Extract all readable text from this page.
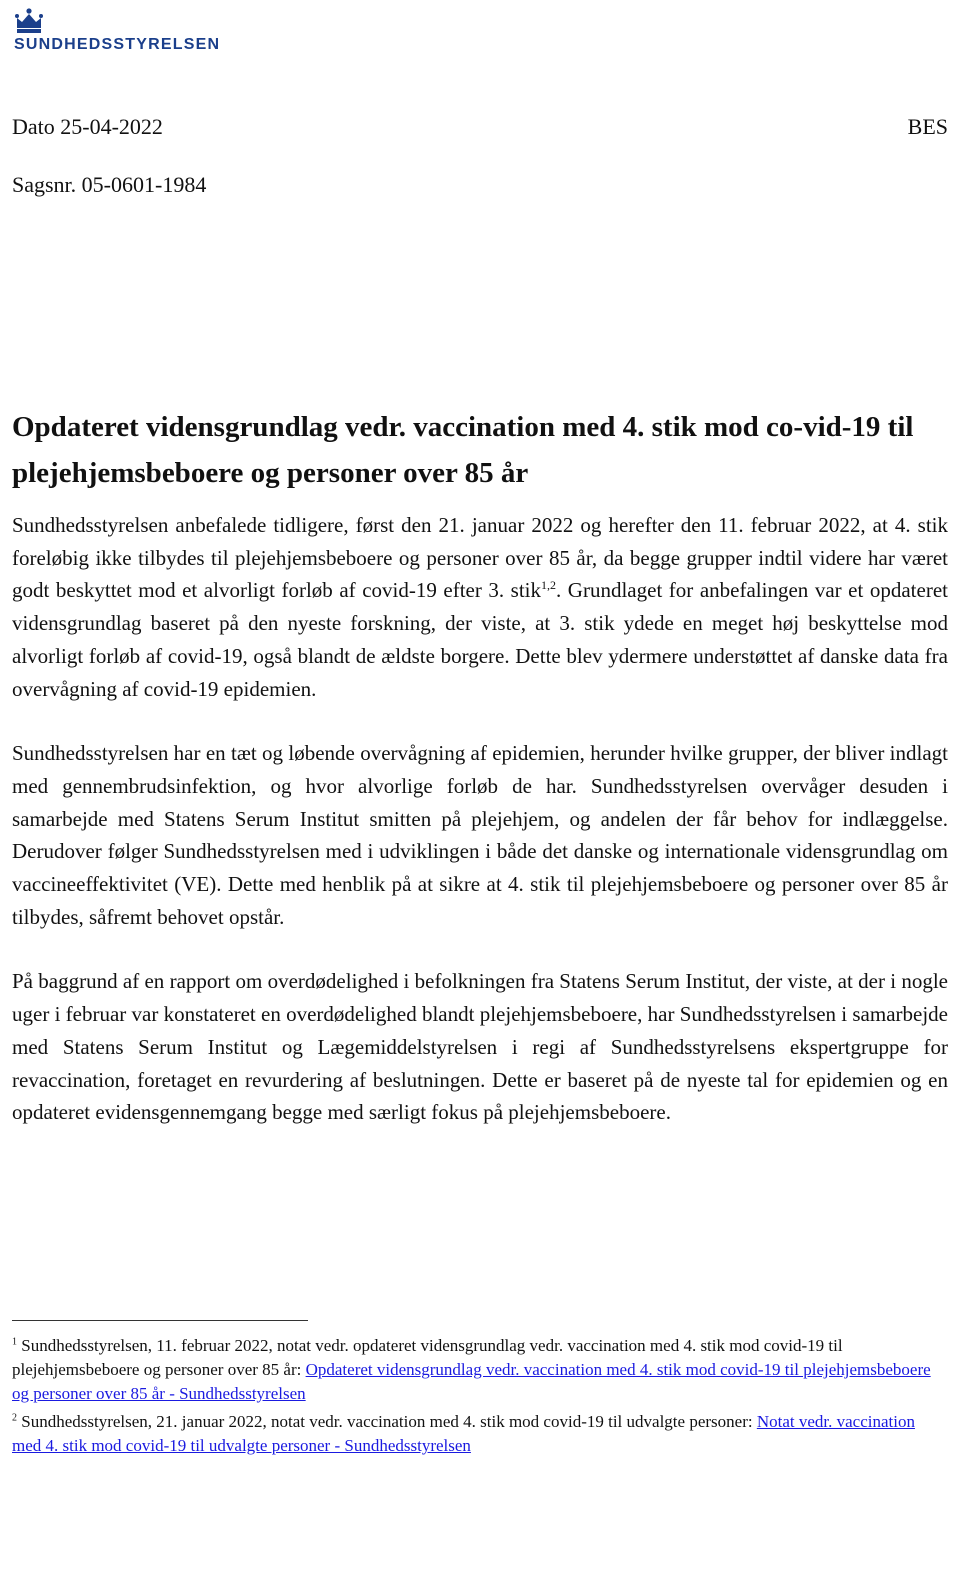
SUNDHEDSSTYRELSEN
Dato 25-04-2022	BES
Sagsnr. 05-0601-1984
Opdateret vidensgrundlag vedr. vaccination med 4. stik mod co-vid-19 til plejehjemsbeboere og personer over 85 år

Sundhedsstyrelsen anbefalede tidligere, først den 21. januar 2022 og herefter den 11. februar 2022, at 4. stik foreløbig ikke tilbydes til plejehjemsbeboere og personer over 85 år, da begge grupper indtil videre har været godt beskyttet mod et alvorligt forløb af covid-19 efter 3. stik$^{1,2}$. Grundlaget for anbefalingen var et opdateret vidensgrundlag baseret på den nyeste forskning, der viste, at 3. stik ydede en meget høj beskyttelse mod alvorligt forløb af covid-19, også blandt de ældste borgere. Dette blev ydermere understøttet af danske data fra overvågning af covid-19 epidemien.

Sundhedsstyrelsen har en tæt og løbende overvågning af epidemien, herunder hvilke grupper, der bliver indlagt med gennembrudsinfektion, og hvor alvorlige forløb de har. Sundhedsstyrelsen overvåger desuden i samarbejde med Statens Serum Institut smitten på plejehjem, og andelen der får behov for indlæggelse. Derudover følger Sundhedsstyrelsen med i udviklingen i både det danske og internationale vidensgrundlag om vaccineeffektivitet (VE). Dette med henblik på at sikre at 4. stik til plejehjemsbeboere og personer over 85 år tilbydes, såfremt behovet opstår.

På baggrund af en rapport om overdødelighed i befolkningen fra Statens Serum Institut, der viste, at der i nogle uger i februar var konstateret en overdødelighed blandt plejehjemsbeboere, har Sundhedsstyrelsen i samarbejde med Statens Serum Institut og Lægemiddelstyrelsen i regi af Sundhedsstyrelsens ekspertgruppe for revaccination, foretaget en revurdering af beslutningen. Dette er baseret på de nyeste tal for epidemien og en opdateret evidensgennemgang begge med særligt fokus på plejehjemsbeboere.

$^1$ Sundhedsstyrelsen, 11. februar 2022, notat vedr. opdateret vidensgrundlag vedr. vaccination med 4. stik mod covid-19 til plejehjemsbeboere og personer over 85 år: Opdateret vidensgrundlag vedr. vaccination med 4. stik mod covid-19 til plejehjemsbeboere og personer over 85 år - Sundhedsstyrelsen

$^2$ Sundhedsstyrelsen, 21. januar 2022, notat vedr. vaccination med 4. stik mod covid-19 til udvalgte personer: Notat vedr. vaccination med 4. stik mod covid-19 til udvalgte personer - Sundhedsstyrelsen
